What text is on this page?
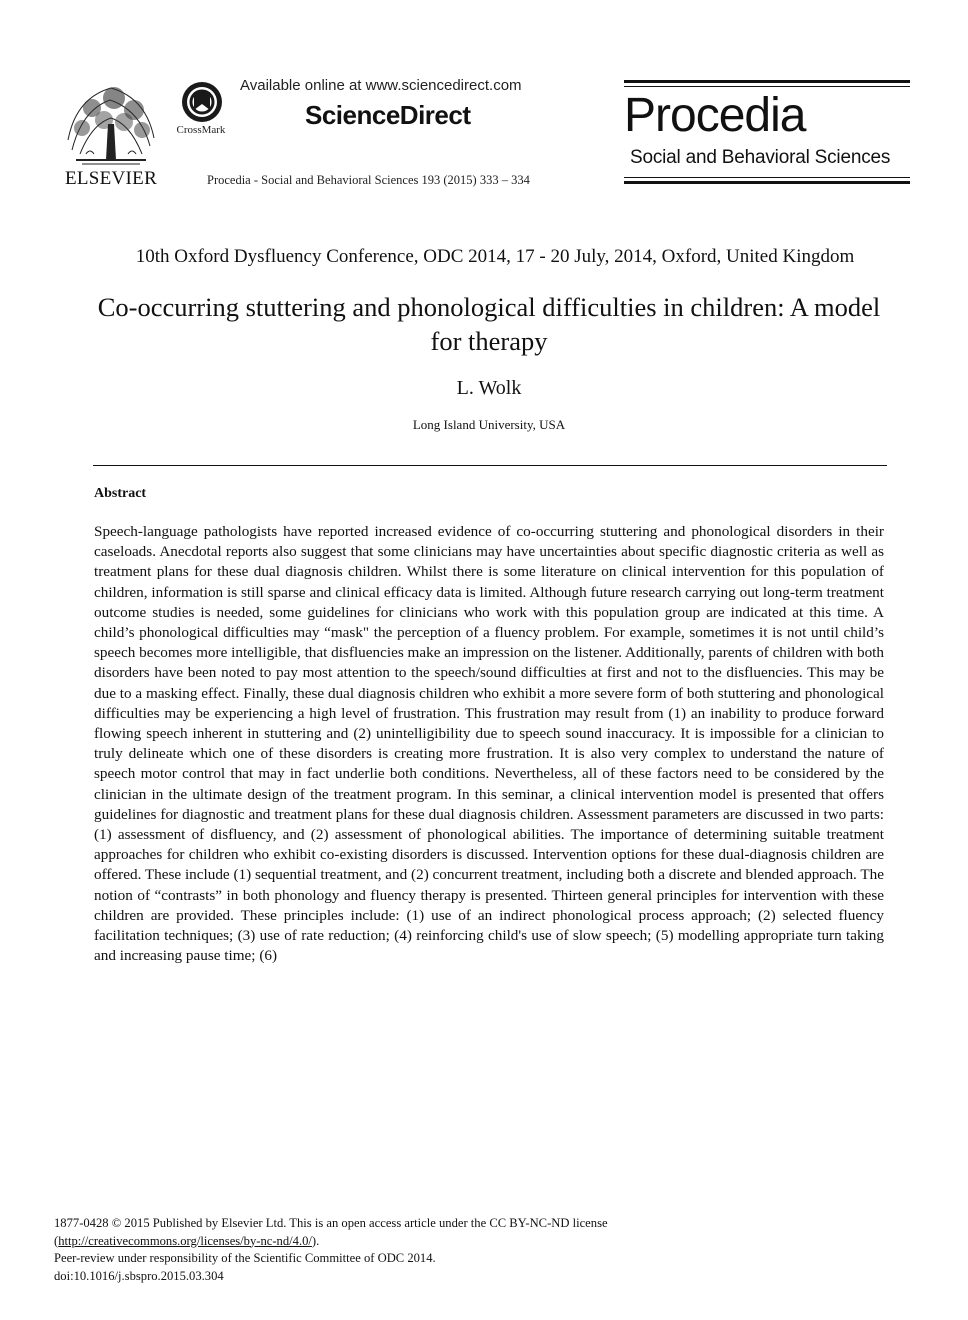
ELSEVIER
CrossMark
Available online at www.sciencedirect.com
ScienceDirect
Procedia - Social and Behavioral Sciences 193 (2015) 333 – 334
Procedia
Social and Behavioral Sciences
10th Oxford Dysfluency Conference, ODC 2014, 17 - 20 July, 2014, Oxford, United Kingdom
Co-occurring stuttering and phonological difficulties in children: A model for therapy
L. Wolk
Long Island University, USA
Abstract

Speech-language pathologists have reported increased evidence of co-occurring stuttering and phonological disorders in their caseloads. Anecdotal reports also suggest that some clinicians may have uncertainties about specific diagnostic criteria as well as treatment plans for these dual diagnosis children. Whilst there is some literature on clinical intervention for this population of children, information is still sparse and clinical efficacy data is limited. Although future research carrying out long-term treatment outcome studies is needed, some guidelines for clinicians who work with this population group are indicated at this time. A child’s phonological difficulties may “mask" the perception of a fluency problem. For example, sometimes it is not until child’s speech becomes more intelligible, that disfluencies make an impression on the listener. Additionally, parents of children with both disorders have been noted to pay most attention to the speech/sound difficulties at first and not to the disfluencies. This may be due to a masking effect. Finally, these dual diagnosis children who exhibit a more severe form of both stuttering and phonological difficulties may be experiencing a high level of frustration. This frustration may result from (1) an inability to produce forward flowing speech inherent in stuttering and (2) unintelligibility due to speech sound inaccuracy. It is impossible for a clinician to truly delineate which one of these disorders is creating more frustration. It is also very complex to understand the nature of speech motor control that may in fact underlie both conditions. Nevertheless, all of these factors need to be considered by the clinician in the ultimate design of the treatment program. In this seminar, a clinical intervention model is presented that offers guidelines for diagnostic and treatment plans for these dual diagnosis children. Assessment parameters are discussed in two parts: (1) assessment of disfluency, and (2) assessment of phonological abilities. The importance of determining suitable treatment approaches for children who exhibit co-existing disorders is discussed. Intervention options for these dual-diagnosis children are offered. These include (1) sequential treatment, and (2) concurrent treatment, including both a discrete and blended approach. The notion of “contrasts” in both phonology and fluency therapy is presented. Thirteen general principles for intervention with these children are provided. These principles include: (1) use of an indirect phonological process approach; (2) selected fluency facilitation techniques; (3) use of rate reduction; (4) reinforcing child's use of slow speech; (5) modelling appropriate turn taking and increasing pause time; (6)

1877-0428 © 2015 Published by Elsevier Ltd. This is an open access article under the CC BY-NC-ND license
(http://creativecommons.org/licenses/by-nc-nd/4.0/).
Peer-review under responsibility of the Scientific Committee of ODC 2014.
doi:10.1016/j.sbspro.2015.03.304
